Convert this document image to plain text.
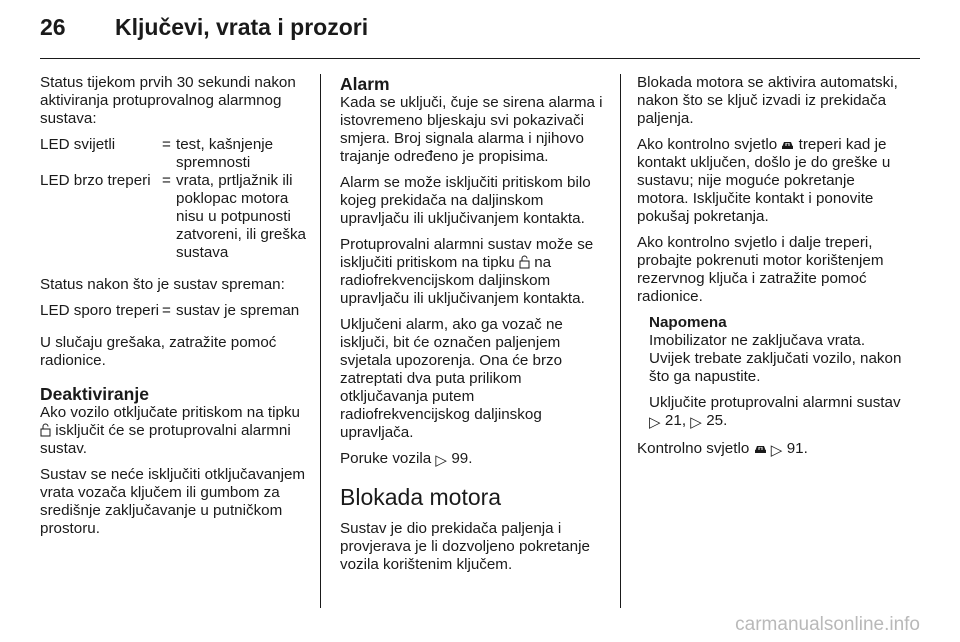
26	Ključevi, vrata i prozori

Status tijekom prvih 30 sekundi nakon aktiviranja protuprovalnog alarmnog sustava:

LED svijetli	= test, kašnjenje spremnosti
LED brzo treperi = vrata, prtljažnik ili poklopac motora nisu u potpunosti zatvoreni, ili greška sustava

Status nakon što je sustav spreman:

LED sporo treperi = sustav je spreman

U slučaju grešaka, zatražite pomoć radionice.

Deaktiviranje

Ako vozilo otključate pritiskom na tipku  isključit će se protuprovalni alarmni sustav.

Sustav se neće isključiti otključavanjem vrata vozača ključem ili gumbom za središnje zaključavanje u putničkom prostoru.

Alarm

Kada se uključi, čuje se sirena alarma i istovremeno bljeskaju svi pokazivači smjera. Broj signala alarma i njihovo trajanje određeno je propisima.

Alarm se može isključiti pritiskom bilo kojeg prekidača na daljinskom upravljaču ili uključivanjem kontakta.

Protuprovalni alarmni sustav može se isključiti pritiskom na tipku na radiofrekvencijskom daljinskom upravljaču ili uključivanjem kontakta.

Uključeni alarm, ako ga vozač ne isključi, bit će označen paljenjem svjetala upozorenja. Ona će brzo zatreptati dva puta prilikom otključavanja putem radiofrekvencijskog daljinskog upravljača.

Poruke vozila ▷ 99.

Blokada motora

Sustav je dio prekidača paljenja i provjerava je li dozvoljeno pokretanje vozila korištenim ključem.

Blokada motora se aktivira automatski, nakon što se ključ izvadi iz prekidača paljenja.

Ako kontrolno svjetlo treperi kad je kontakt uključen, došlo je do greške u sustavu; nije moguće pokretanje motora. Isključite kontakt i ponovite pokušaj pokretanja.

Ako kontrolno svjetlo i dalje treperi, probajte pokrenuti motor korištenjem rezervnog ključa i zatražite pomoć radionice.

Napomena

Imobilizator ne zaključava vrata. Uvijek trebate zaključati vozilo, nakon što ga napustite.

Uključite protuprovalni alarmni sustav ▷ 21, ▷ 25.

Kontrolno svjetlo ▷ 91.

carmanualsonline.info
